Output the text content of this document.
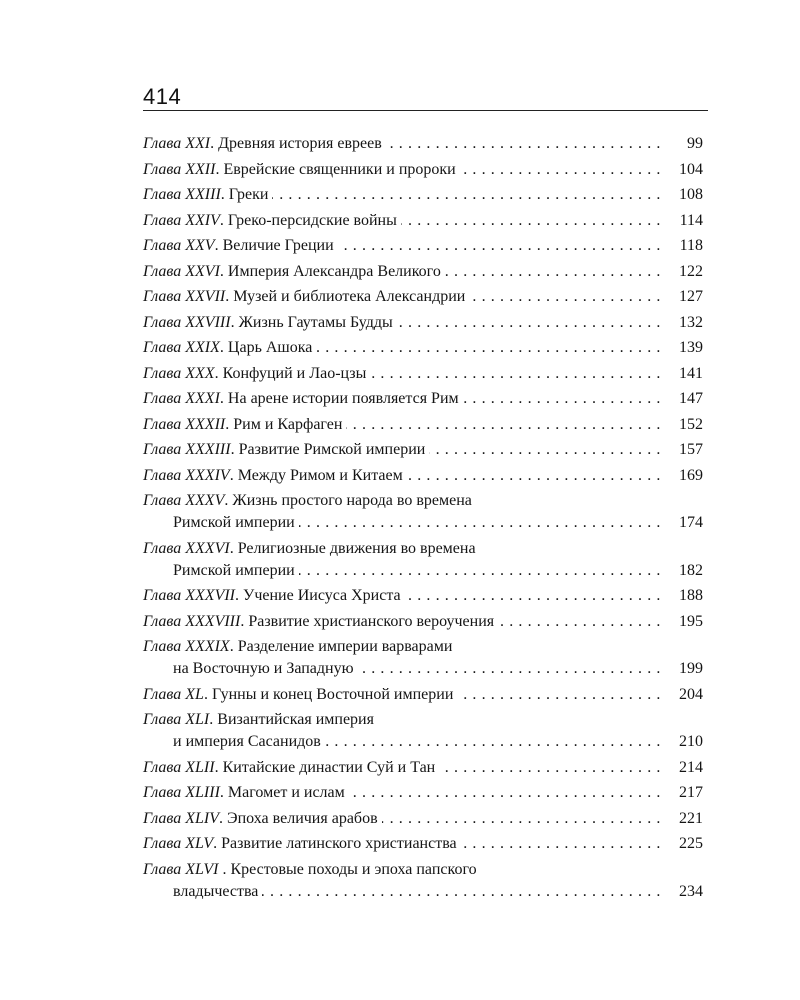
414
Глава XXI. Древняя история евреев . . .	99
Глава XXII. Еврейские священники и пророки . . .	104
Глава XXIII. Греки . . .	108
Глава XXIV. Греко-персидские войны . . .	114
Глава XXV. Величие Греции . . .	118
Глава XXVI. Империя Александра Великого . . .	122
Глава XXVII. Музей и библиотека Александрии . . .	127
Глава XXVIII. Жизнь Гаутамы Будды . . .	132
Глава XXIX. Царь Ашока . . .	139
Глава XXX. Конфуций и Лао-цзы . . .	141
Глава XXXI. На арене истории появляется Рим . . .	147
Глава XXXII. Рим и Карфаген . . .	152
Глава XXXIII. Развитие Римской империи . . .	157
Глава XXXIV. Между Римом и Китаем . . .	169
Глава XXXV. Жизнь простого народа во времена
Римской империи . . .	174
Глава XXXVI. Религиозные движения во времена
Римской империи . . .	182
Глава XXXVII. Учение Иисуса Христа . . .	188
Глава XXXVIII. Развитие христианского вероучения . . .	195
Глава XXXIX. Разделение империи варварами
на Восточную и Западную . . .	199
Глава XL. Гунны и конец Восточной империи . . .	204
Глава XLI. Византийская империя
и империя Сасанидов . . .	210
Глава XLII. Китайские династии Суй и Тан . . .	214
Глава XLIII. Магомет и ислам . . .	217
Глава XLIV. Эпоха величия арабов . . .	221
Глава XLV. Развитие латинского христианства . . .	225
Глава XLVI . Крестовые походы и эпоха папского
владычества . . .	234
